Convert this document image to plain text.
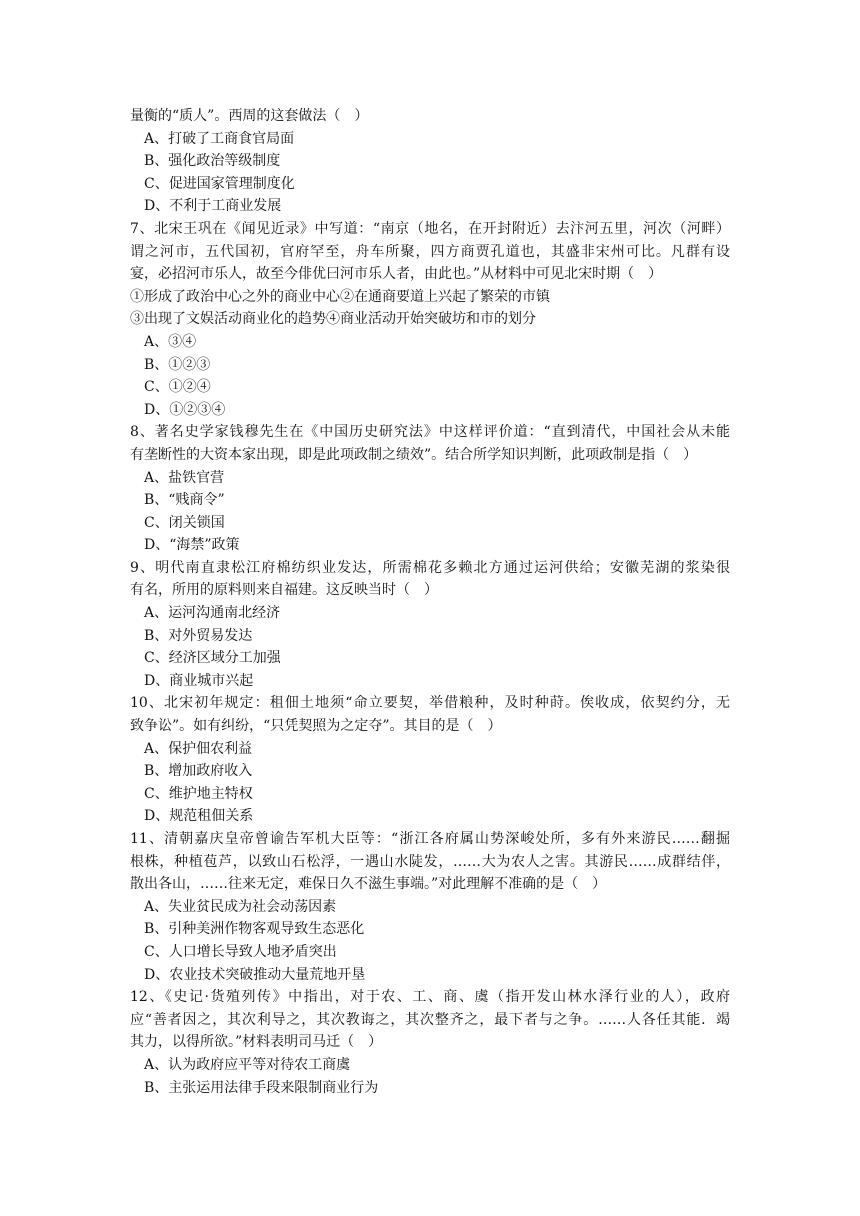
量衡的“质人”。西周的这套做法（　）
A、打破了工商食官局面
B、强化政治等级制度
C、促进国家管理制度化
D、不利于工商业发展
7、北宋王巩在《闻见近录》中写道：“南京（地名，在开封附近）去汴河五里，河次（河畔）
谓之河市，五代国初，官府罕至，舟车所聚，四方商贾孔道也，其盛非宋州可比。凡群有设
宴，必招河市乐人，故至今俳优曰河市乐人者，由此也。”从材料中可见北宋时期（　）
①形成了政治中心之外的商业中心②在通商要道上兴起了繁荣的市镇
③出现了文娱活动商业化的趋势④商业活动开始突破坊和市的划分
A、③④
B、①②③
C、①②④
D、①②③④
8、著名史学家钱穆先生在《中国历史研究法》中这样评价道：“直到清代，中国社会从未能
有垄断性的大资本家出现，即是此项政制之绩效”。结合所学知识判断，此项政制是指（　）
A、盐铁官营
B、“贱商令”
C、闭关锁国
D、“海禁”政策
9、明代南直隶松江府棉纺织业发达，所需棉花多赖北方通过运河供给；安徽芜湖的浆染很
有名，所用的原料则来自福建。这反映当时（　）
A、运河沟通南北经济
B、对外贸易发达
C、经济区域分工加强
D、商业城市兴起
10、北宋初年规定：租佃土地须“命立要契，举借粮种，及时种莳。俟收成，依契约分，无
致争讼”。如有纠纷，“只凭契照为之定夺”。其目的是（　）
A、保护佃农利益
B、增加政府收入
C、维护地主特权
D、规范租佃关系
11、清朝嘉庆皇帝曾谕告军机大臣等：“浙江各府属山势深峻处所，多有外来游民……翻掘
根株，种植苞芦，以致山石松浮，一遇山水陡发，……大为农人之害。其游民……成群结伴，
散出各山，……往来无定，难保日久不滋生事端。”对此理解不准确的是（　）
A、失业贫民成为社会动荡因素
B、引种美洲作物客观导致生态恶化
C、人口增长导致人地矛盾突出
D、农业技术突破推动大量荒地开垦
12、《史记·货殖列传》中指出，对于农、工、商、虞（指开发山林水泽行业的人），政府
应“善者因之，其次利导之，其次教诲之，其次整齐之，最下者与之争。……人各任其能．竭
其力，以得所欲。”材料表明司马迁（　）
A、认为政府应平等对待农工商虞
B、主张运用法律手段来限制商业行为
